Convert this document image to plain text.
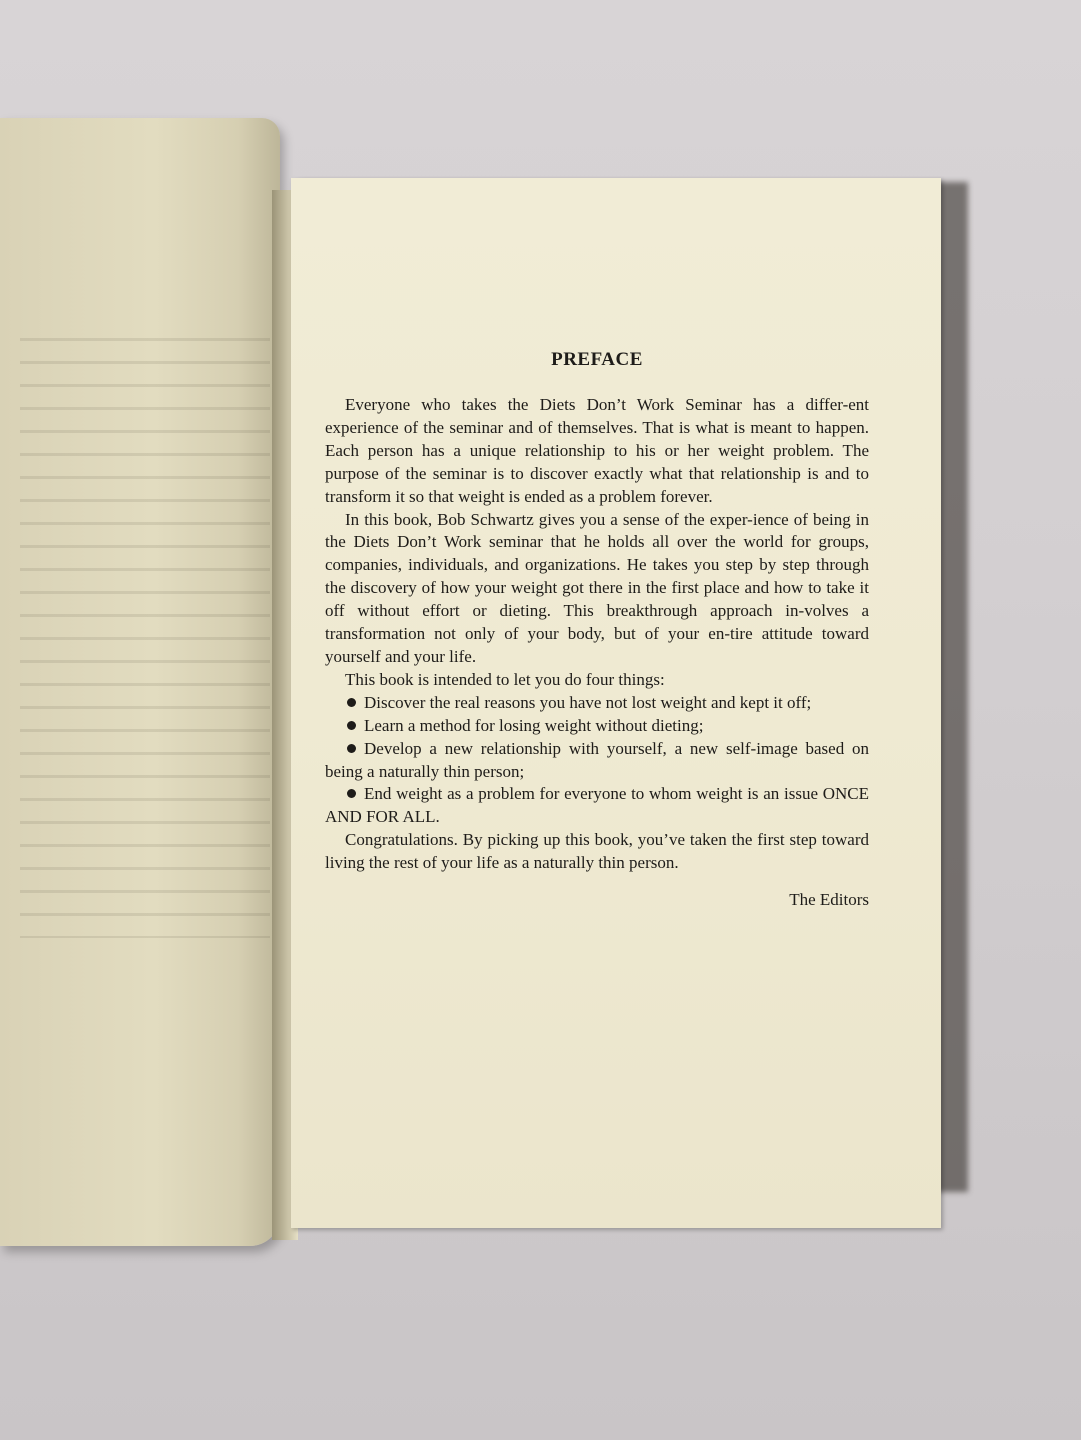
PREFACE

Everyone who takes the Diets Don’t Work Seminar has a differ-ent experience of the seminar and of themselves. That is what is meant to happen. Each person has a unique relationship to his or her weight problem. The purpose of the seminar is to discover exactly what that relationship is and to transform it so that weight is ended as a problem forever.

In this book, Bob Schwartz gives you a sense of the exper-ience of being in the Diets Don’t Work seminar that he holds all over the world for groups, companies, individuals, and organizations. He takes you step by step through the discovery of how your weight got there in the first place and how to take it off without effort or dieting. This breakthrough approach in-volves a transformation not only of your body, but of your en-tire attitude toward yourself and your life.

This book is intended to let you do four things:

Discover the real reasons you have not lost weight and kept it off;

Learn a method for losing weight without dieting;

Develop a new relationship with yourself, a new self-image based on being a naturally thin person;

End weight as a problem for everyone to whom weight is an issue ONCE AND FOR ALL.

Congratulations. By picking up this book, you’ve taken the first step toward living the rest of your life as a naturally thin person.

The Editors
